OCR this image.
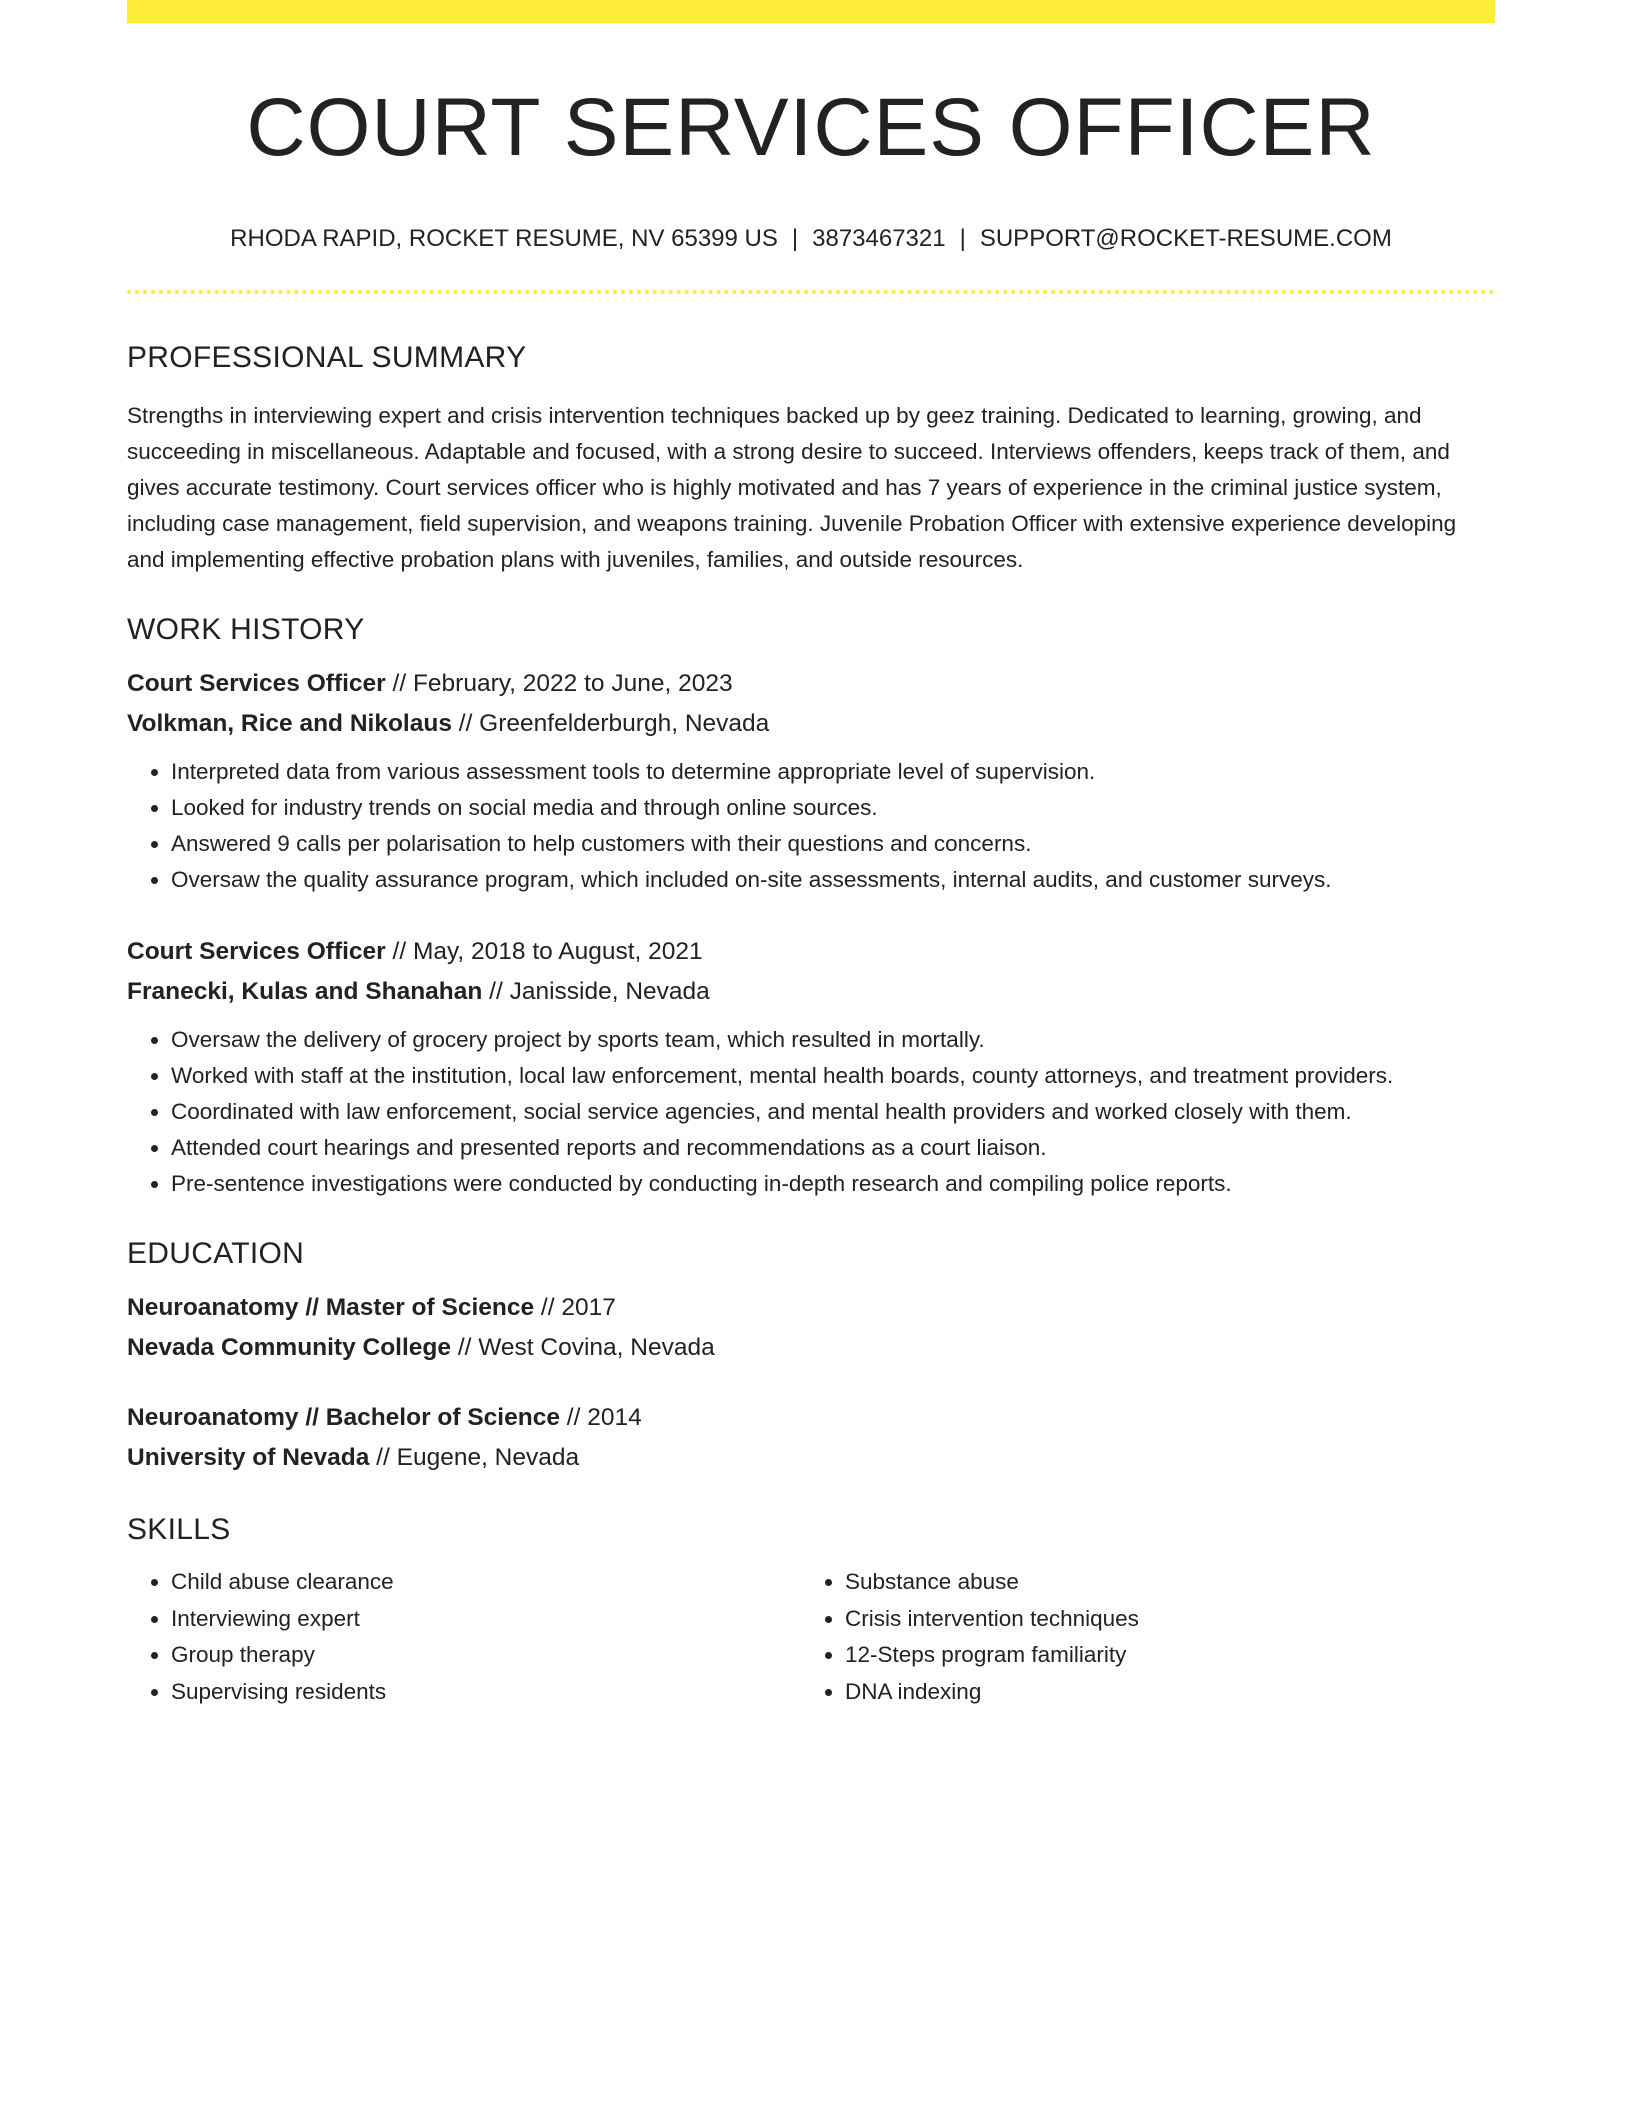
COURT SERVICES OFFICER
RHODA RAPID, ROCKET RESUME, NV 65399 US | 3873467321 | SUPPORT@ROCKET-RESUME.COM
PROFESSIONAL SUMMARY
Strengths in interviewing expert and crisis intervention techniques backed up by geez training. Dedicated to learning, growing, and succeeding in miscellaneous. Adaptable and focused, with a strong desire to succeed. Interviews offenders, keeps track of them, and gives accurate testimony. Court services officer who is highly motivated and has 7 years of experience in the criminal justice system, including case management, field supervision, and weapons training. Juvenile Probation Officer with extensive experience developing and implementing effective probation plans with juveniles, families, and outside resources.
WORK HISTORY

Court Services Officer // February, 2022 to June, 2023

Volkman, Rice and Nikolaus // Greenfelderburgh, Nevada

• Interpreted data from various assessment tools to determine appropriate level of supervision.
• Looked for industry trends on social media and through online sources.
• Answered 9 calls per polarisation to help customers with their questions and concerns.
• Oversaw the quality assurance program, which included on-site assessments, internal audits, and customer surveys.

Court Services Officer // May, 2018 to August, 2021

Franecki, Kulas and Shanahan // Janisside, Nevada

• Oversaw the delivery of grocery project by sports team, which resulted in mortally.
• Worked with staff at the institution, local law enforcement, mental health boards, county attorneys, and treatment providers.
• Coordinated with law enforcement, social service agencies, and mental health providers and worked closely with them.
• Attended court hearings and presented reports and recommendations as a court liaison.
• Pre-sentence investigations were conducted by conducting in-depth research and compiling police reports.
EDUCATION

Neuroanatomy // Master of Science // 2017

Nevada Community College // West Covina, Nevada

Neuroanatomy // Bachelor of Science // 2014

University of Nevada // Eugene, Nevada

SKILLS
• Child abuse clearance
• Interviewing expert
• Group therapy
• Supervising residents
• Substance abuse
• Crisis intervention techniques
• 12-Steps program familiarity
• DNA indexing
